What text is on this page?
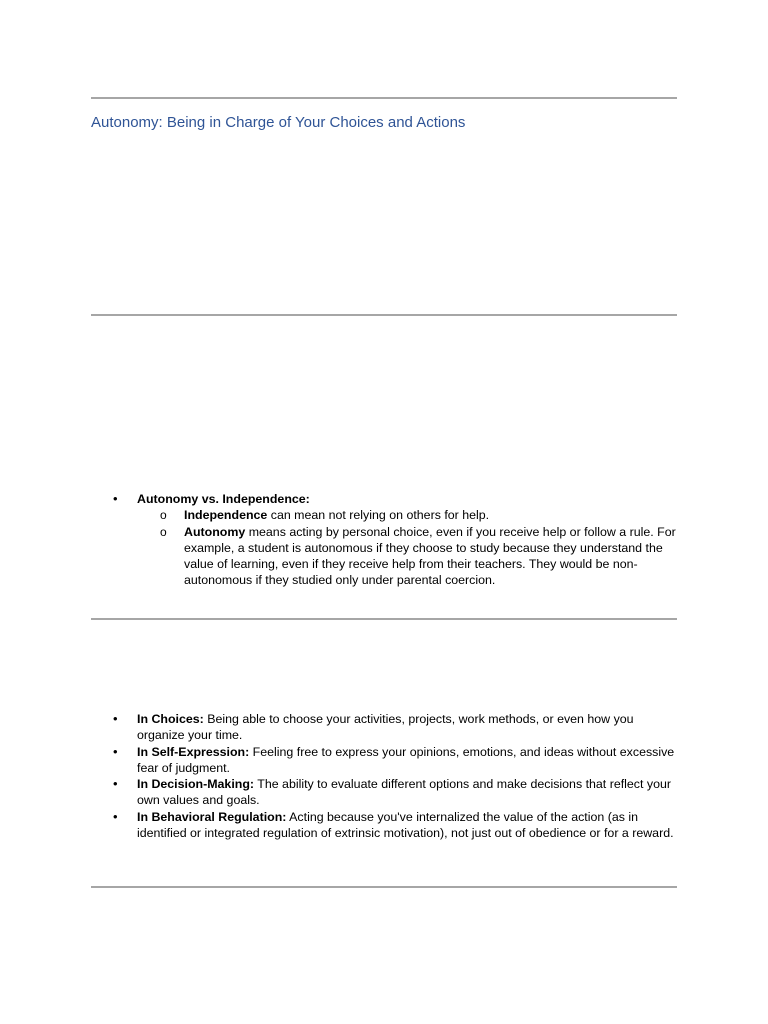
Autonomy: Being in Charge of Your Choices and Actions
• Autonomy vs. Independence:
o Independence can mean not relying on others for help.
o Autonomy means acting by personal choice, even if you receive help or follow a rule. For example, a student is autonomous if they choose to study because they understand the value of learning, even if they receive help from their teachers. They would be non-autonomous if they studied only under parental coercion.
• In Choices: Being able to choose your activities, projects, work methods, or even how you organize your time.
• In Self-Expression: Feeling free to express your opinions, emotions, and ideas without excessive fear of judgment.
• In Decision-Making: The ability to evaluate different options and make decisions that reflect your own values and goals.
• In Behavioral Regulation: Acting because you've internalized the value of the action (as in identified or integrated regulation of extrinsic motivation), not just out of obedience or for a reward.
